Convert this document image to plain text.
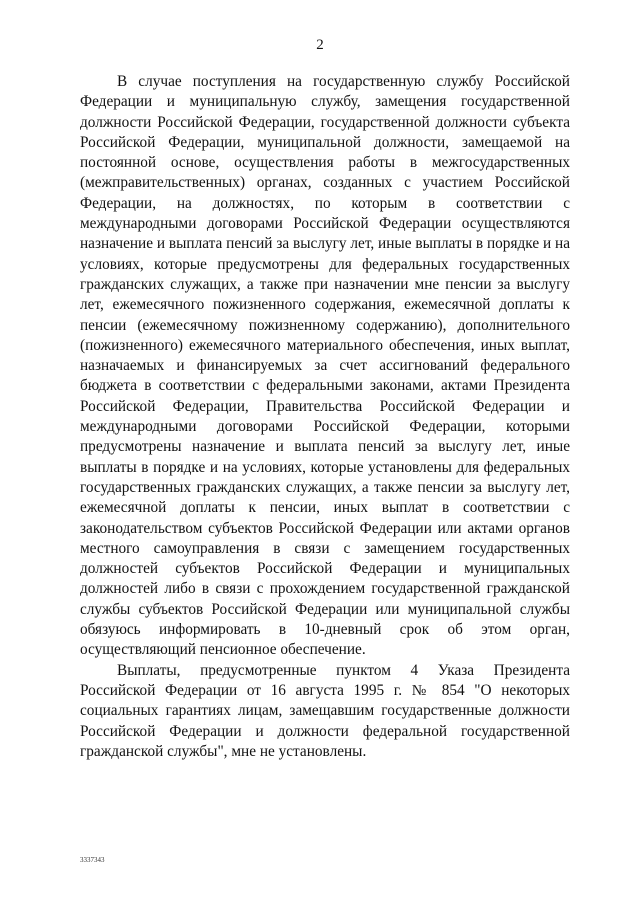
2

В случае поступления на государственную службу Российской Федерации и муниципальную службу, замещения государственной должности Российской Федерации, государственной должности субъекта Российской Федерации, муниципальной должности, замещаемой на постоянной основе, осуществления работы в межгосударственных (межправительственных) органах, созданных с участием Российской Федерации, на должностях, по которым в соответствии с международными договорами Российской Федерации осуществляются назначение и выплата пенсий за выслугу лет, иные выплаты в порядке и на условиях, которые предусмотрены для федеральных государственных гражданских служащих, а также при назначении мне пенсии за выслугу лет, ежемесячного пожизненного содержания, ежемесячной доплаты к пенсии (ежемесячному пожизненному содержанию), дополнительного (пожизненного) ежемесячного материального обеспечения, иных выплат, назначаемых и финансируемых за счет ассигнований федерального бюджета в соответствии с федеральными законами, актами Президента Российской Федерации, Правительства Российской Федерации и международными договорами Российской Федерации, которыми предусмотрены назначение и выплата пенсий за выслугу лет, иные выплаты в порядке и на условиях, которые установлены для федеральных государственных гражданских служащих, а также пенсии за выслугу лет, ежемесячной доплаты к пенсии, иных выплат в соответствии с законодательством субъектов Российской Федерации или актами органов местного самоуправления в связи с замещением государственных должностей субъектов Российской Федерации и муниципальных должностей либо в связи с прохождением государственной гражданской службы субъектов Российской Федерации или муниципальной службы обязуюсь информировать в 10-дневный срок об этом орган, осуществляющий пенсионное обеспечение.

Выплаты, предусмотренные пунктом 4 Указа Президента Российской Федерации от 16 августа 1995 г. № 854 "О некоторых социальных гарантиях лицам, замещавшим государственные должности Российской Федерации и должности федеральной государственной гражданской службы", мне не установлены.

3337343
